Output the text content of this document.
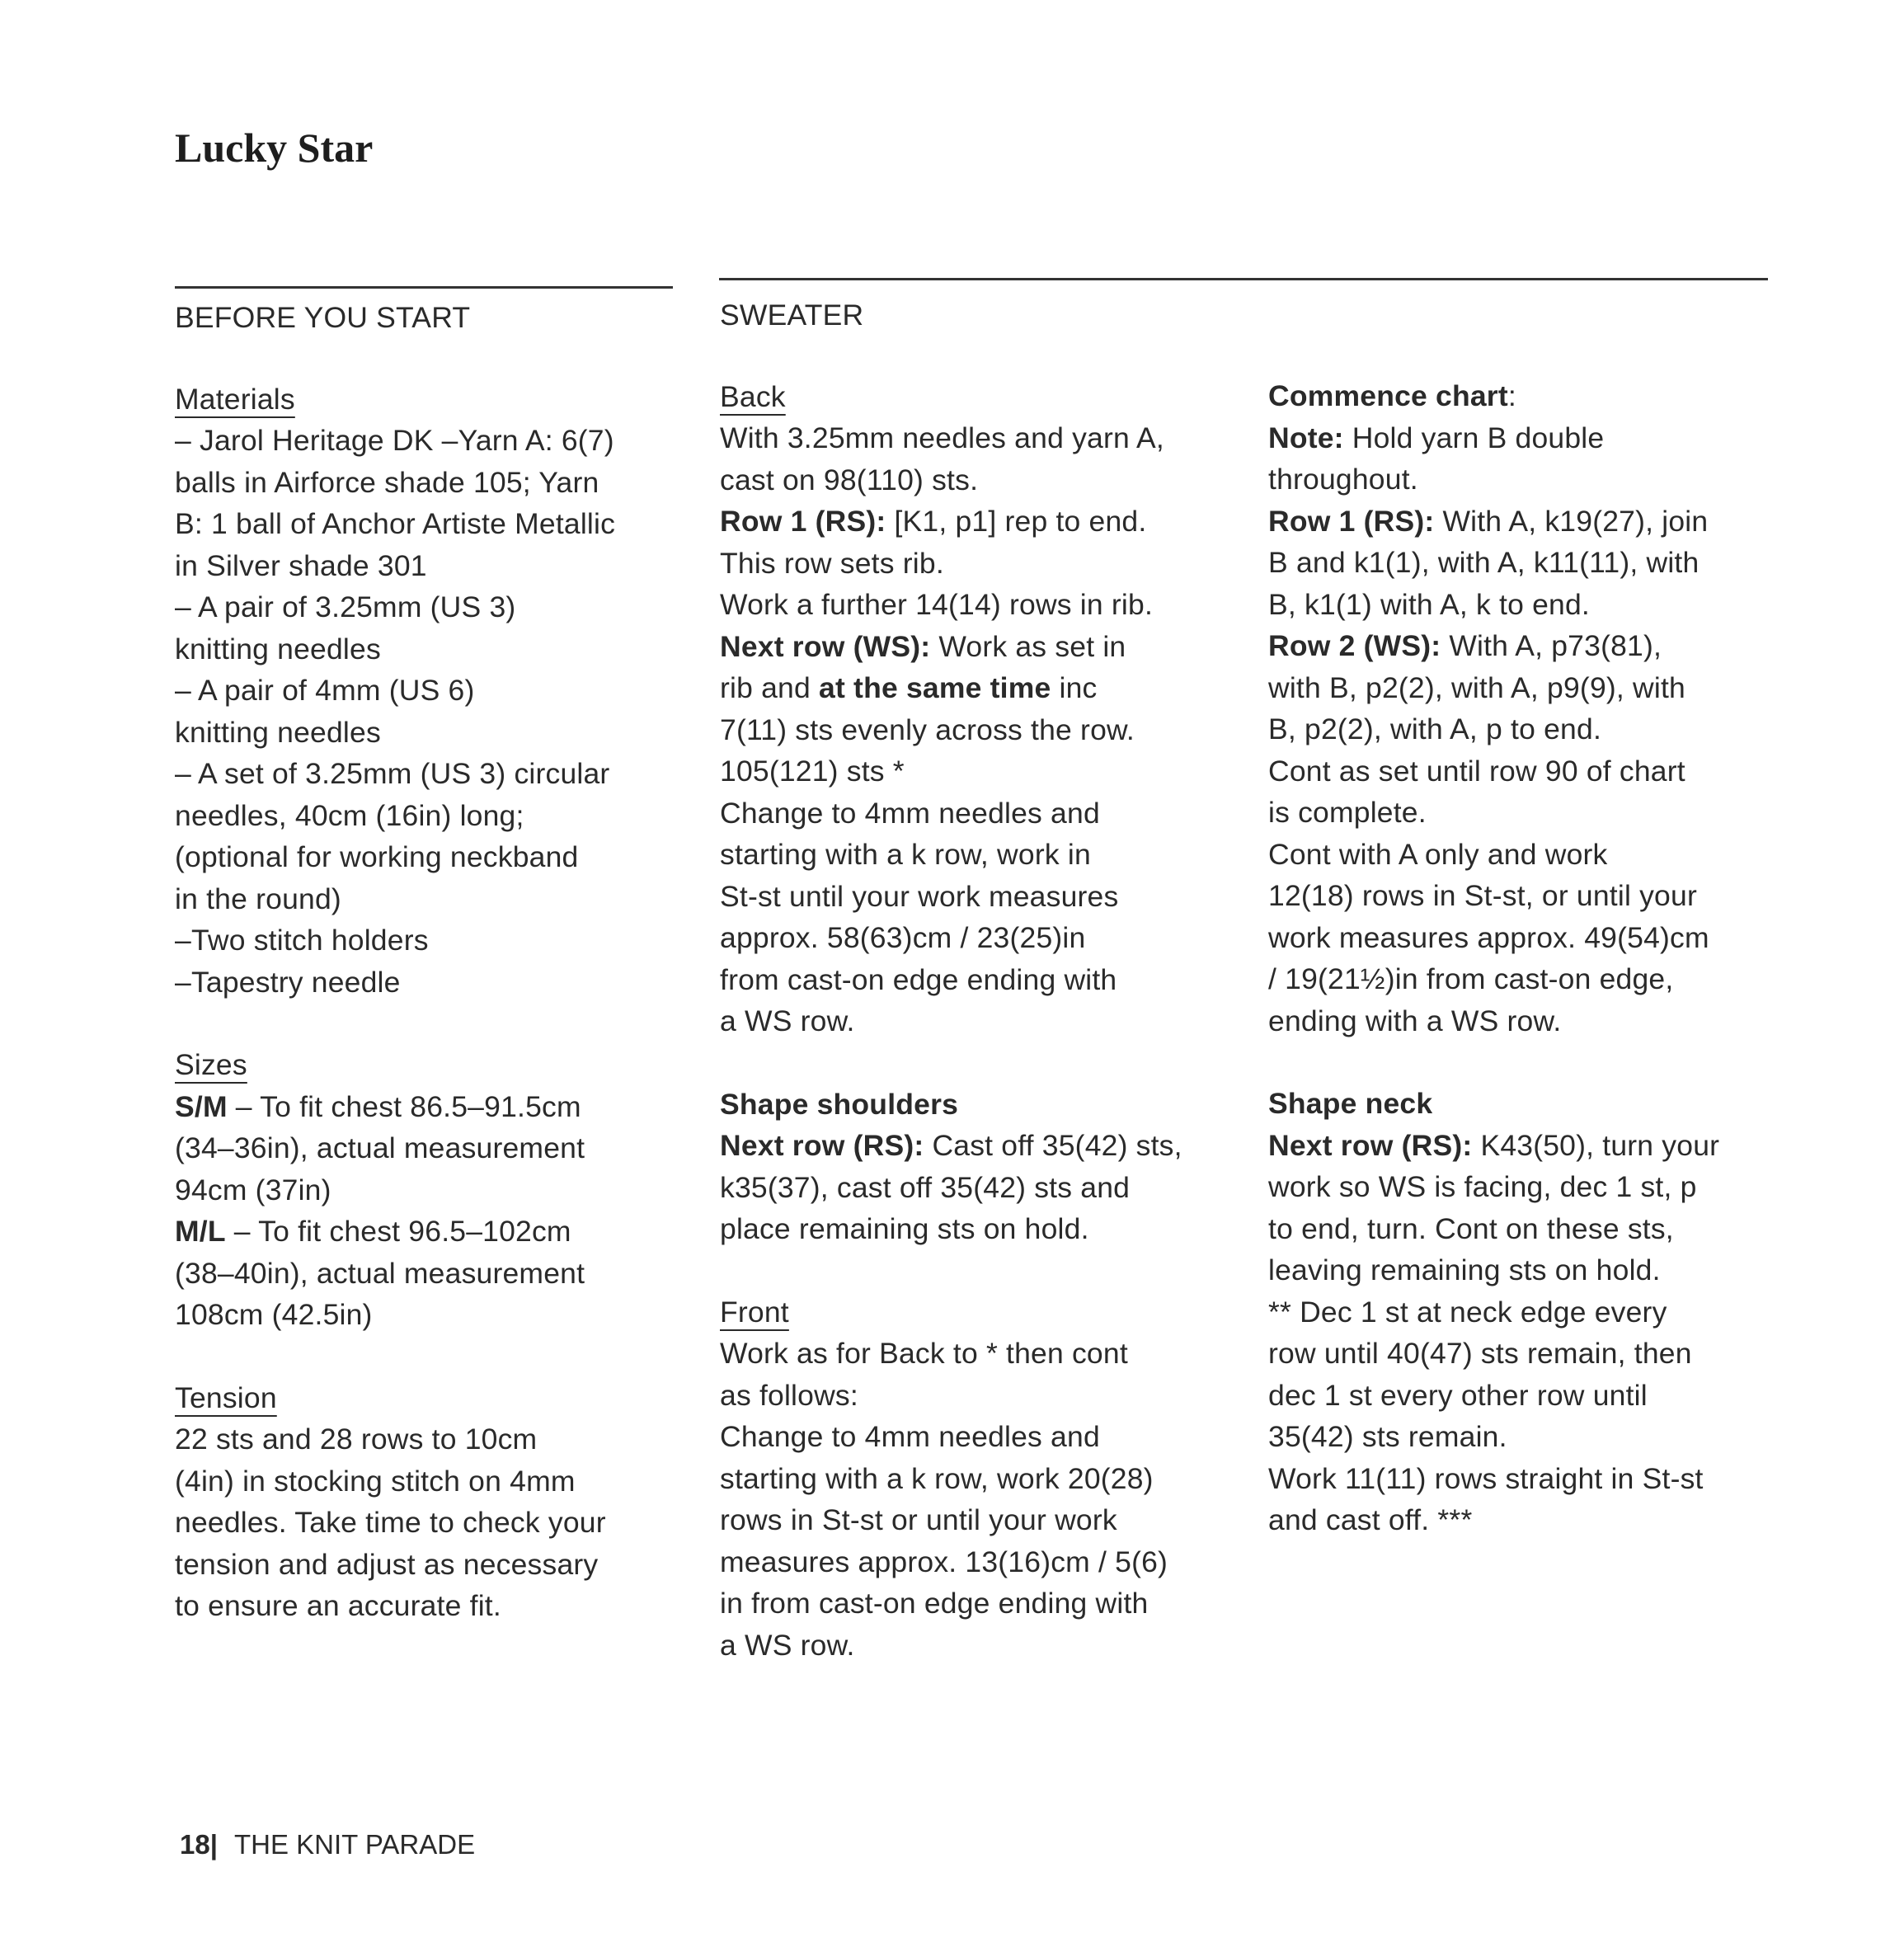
Lucky Star
BEFORE YOU START
Materials
– Jarol Heritage DK –Yarn A: 6(7)
balls in Airforce shade 105; Yarn
B: 1 ball of Anchor Artiste Metallic
in Silver shade 301
– A pair of 3.25mm (US 3)
knitting needles
– A pair of 4mm (US 6)
knitting needles
– A set of 3.25mm (US 3) circular
needles, 40cm (16in) long;
(optional for working neckband
in the round)
–Two stitch holders
–Tapestry needle
Sizes
S/M – To fit chest 86.5–91.5cm
(34–36in), actual measurement
94cm (37in)
M/L – To fit chest 96.5–102cm
(38–40in), actual measurement
108cm (42.5in)
Tension
22 sts and 28 rows to 10cm
(4in) in stocking stitch on 4mm
needles. Take time to check your
tension and adjust as necessary
to ensure an accurate fit.
SWEATER
Back
With 3.25mm needles and yarn A,
cast on 98(110) sts.
Row 1 (RS): [K1, p1] rep to end.
This row sets rib.
Work a further 14(14) rows in rib.
Next row (WS): Work as set in
rib and at the same time inc
7(11) sts evenly across the row.
105(121) sts *
Change to 4mm needles and
starting with a k row, work in
St-st until your work measures
approx. 58(63)cm / 23(25)in
from cast-on edge ending with
a WS row.
Shape shoulders
Next row (RS): Cast off 35(42) sts,
k35(37), cast off 35(42) sts and
place remaining sts on hold.
Front
Work as for Back to * then cont
as follows:
Change to 4mm needles and
starting with a k row, work 20(28)
rows in St-st or until your work
measures approx. 13(16)cm / 5(6)
in from cast-on edge ending with
a WS row.
Commence chart:
Note: Hold yarn B double
throughout.
Row 1 (RS): With A, k19(27), join
B and k1(1), with A, k11(11), with
B, k1(1) with A, k to end.
Row 2 (WS): With A, p73(81),
with B, p2(2), with A, p9(9), with
B, p2(2), with A, p to end.
Cont as set until row 90 of chart
is complete.
Cont with A only and work
12(18) rows in St-st, or until your
work measures approx. 49(54)cm
/ 19(21½)in from cast-on edge,
ending with a WS row.
Shape neck
Next row (RS): K43(50), turn your
work so WS is facing, dec 1 st, p
to end, turn. Cont on these sts,
leaving remaining sts on hold.
** Dec 1 st at neck edge every
row until 40(47) sts remain, then
dec 1 st every other row until
35(42) sts remain.
Work 11(11) rows straight in St-st
and cast off. ***
18| THE KNIT PARADE
